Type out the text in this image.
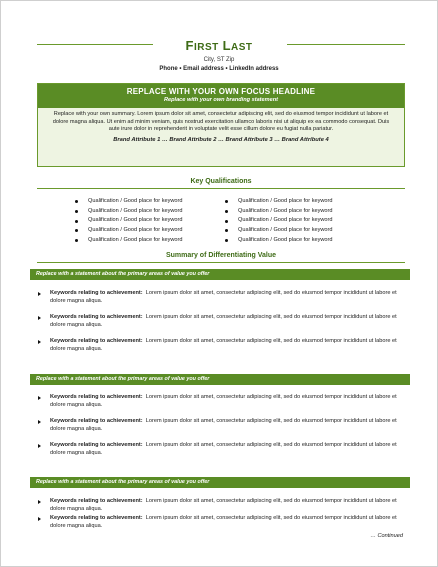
FIRST LAST
City, ST Zip
Phone • Email address • LinkedIn address
REPLACE WITH YOUR OWN FOCUS HEADLINE
Replace with your own branding statement
Replace with your own summary. Lorem ipsum dolor sit amet, consectetur adipiscing elit, sed do eiusmod tempor incididunt ut labore et dolore magna aliqua. Ut enim ad minim veniam, quis nostrud exercitation ullamco laboris nisi ut aliquip ex ea commodo consequat. Duis aute irure dolor in reprehenderit in voluptate velit esse cillum dolore eu fugiat nulla pariatur.
Brand Attribute 1 … Brand Attribute 2 … Brand Attribute 3 … Brand Attribute 4
Key Qualifications
Qualification / Good place for keyword
Qualification / Good place for keyword
Qualification / Good place for keyword
Qualification / Good place for keyword
Qualification / Good place for keyword
Qualification / Good place for keyword
Qualification / Good place for keyword
Qualification / Good place for keyword
Qualification / Good place for keyword
Qualification / Good place for keyword
Summary of Differentiating Value
Replace with a statement about the primary areas of value you offer
Keywords relating to achievement: Lorem ipsum dolor sit amet, consectetur adipiscing elit, sed do eiusmod tempor incididunt ut labore et dolore magna aliqua.
Keywords relating to achievement: Lorem ipsum dolor sit amet, consectetur adipiscing elit, sed do eiusmod tempor incididunt ut labore et dolore magna aliqua.
Keywords relating to achievement: Lorem ipsum dolor sit amet, consectetur adipiscing elit, sed do eiusmod tempor incididunt ut labore et dolore magna aliqua.
Replace with a statement about the primary areas of value you offer
Keywords relating to achievement: Lorem ipsum dolor sit amet, consectetur adipiscing elit, sed do eiusmod tempor incididunt ut labore et dolore magna aliqua.
Keywords relating to achievement: Lorem ipsum dolor sit amet, consectetur adipiscing elit, sed do eiusmod tempor incididunt ut labore et dolore magna aliqua.
Keywords relating to achievement: Lorem ipsum dolor sit amet, consectetur adipiscing elit, sed do eiusmod tempor incididunt ut labore et dolore magna aliqua.
Replace with a statement about the primary areas of value you offer
Keywords relating to achievement: Lorem ipsum dolor sit amet, consectetur adipiscing elit, sed do eiusmod tempor incididunt ut labore et dolore magna aliqua.
Keywords relating to achievement: Lorem ipsum dolor sit amet, consectetur adipiscing elit, sed do eiusmod tempor incididunt ut labore et dolore magna aliqua.
… Continued
